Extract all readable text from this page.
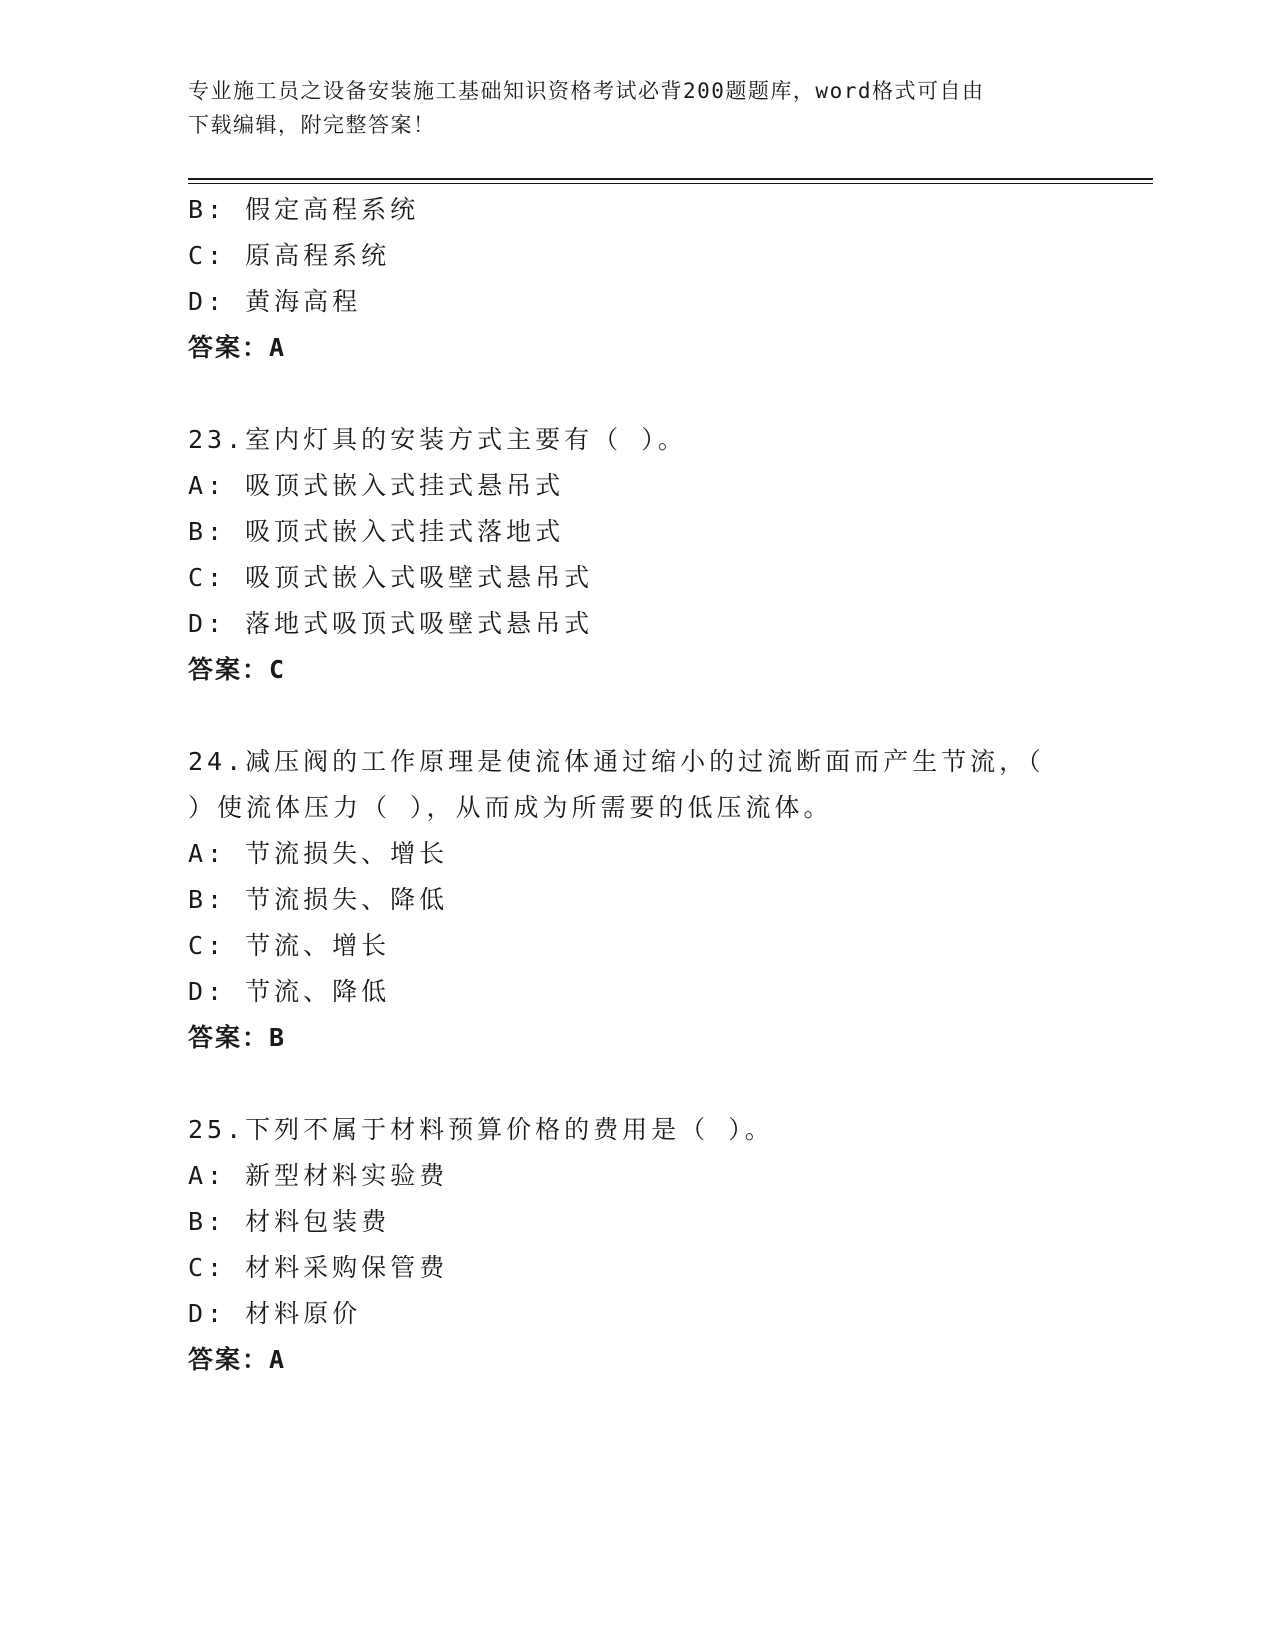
专业施工员之设备安装施工基础知识资格考试必背200题题库，word格式可自由
下载编辑，附完整答案！
B: 假定高程系统
C: 原高程系统
D: 黄海高程
答案：A
23.室内灯具的安装方式主要有（ ）。
A: 吸顶式嵌入式挂式悬吊式
B: 吸顶式嵌入式挂式落地式
C: 吸顶式嵌入式吸壁式悬吊式
D: 落地式吸顶式吸壁式悬吊式
答案：C
24.减压阀的工作原理是使流体通过缩小的过流断面而产生节流，（
）使流体压力（ ），从而成为所需要的低压流体。
A: 节流损失、增长
B: 节流损失、降低
C: 节流、增长
D: 节流、降低
答案：B
25.下列不属于材料预算价格的费用是（ ）。
A: 新型材料实验费
B: 材料包装费
C: 材料采购保管费
D: 材料原价
答案：A
